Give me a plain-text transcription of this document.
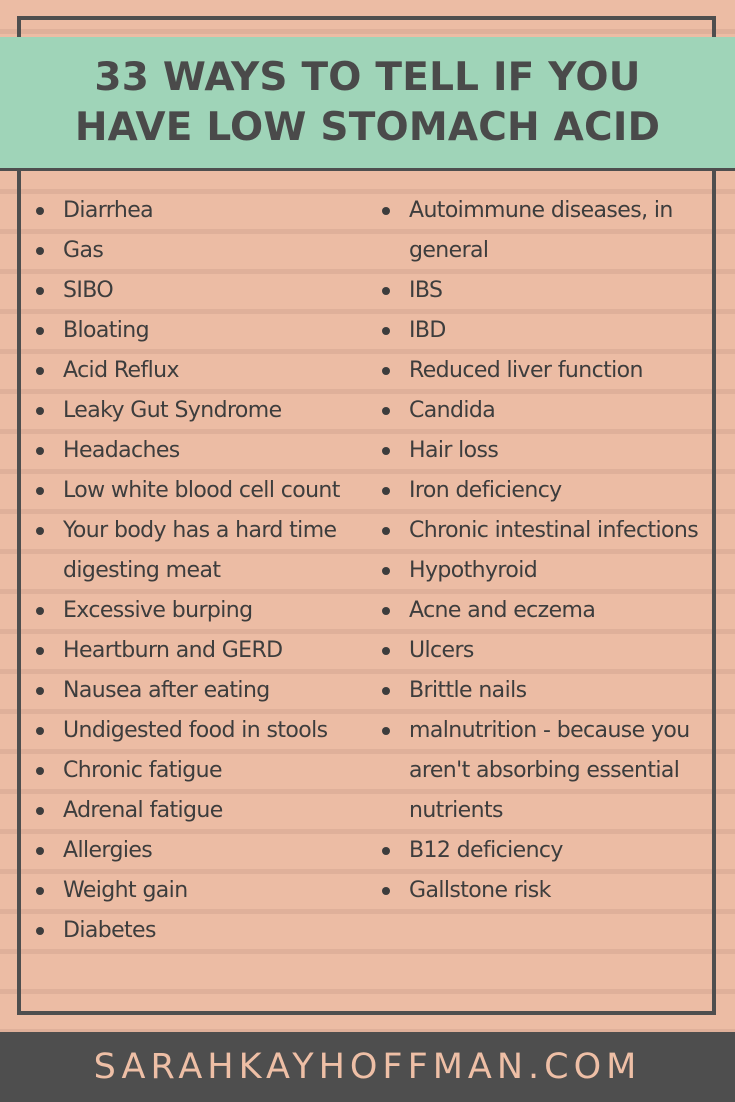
33 WAYS TO TELL IF YOU
HAVE LOW STOMACH ACID
Diarrhea
Gas
SIBO
Bloating
Acid Reflux
Leaky Gut Syndrome
Headaches
Low white blood cell count
Your body has a hard time digesting meat
Excessive burping
Heartburn and GERD
Nausea after eating
Undigested food in stools
Chronic fatigue
Adrenal fatigue
Allergies
Weight gain
Diabetes
Autoimmune diseases, in general
IBS
IBD
Reduced liver function
Candida
Hair loss
Iron deficiency
Chronic intestinal infections
Hypothyroid
Acne and eczema
Ulcers
Brittle nails
malnutrition - because you aren't absorbing essential nutrients
B12 deficiency
Gallstone risk
SARAHKAYHOFFMAN.COM
